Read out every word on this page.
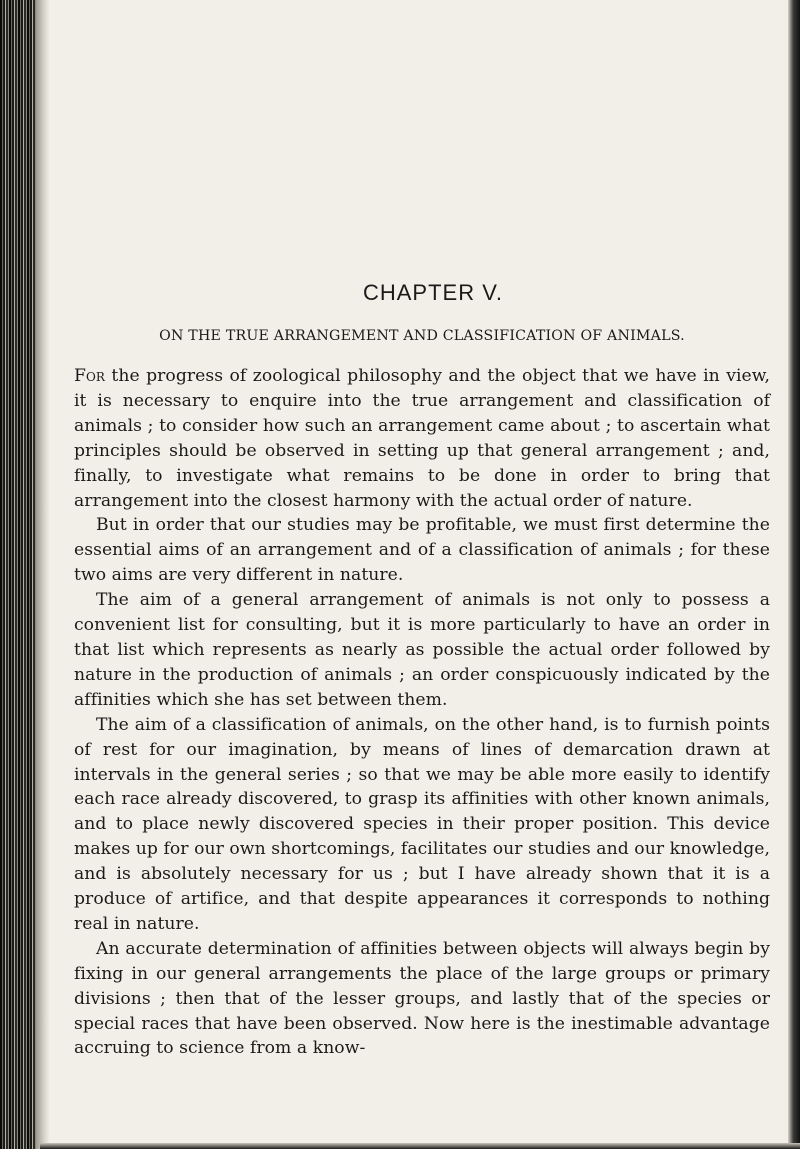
CHAPTER V.
ON THE TRUE ARRANGEMENT AND CLASSIFICATION OF ANIMALS.

For the progress of zoological philosophy and the object that we have in view, it is necessary to enquire into the true arrangement and classification of animals ; to consider how such an arrangement came about ; to ascertain what principles should be observed in setting up that general arrangement ; and, finally, to investigate what remains to be done in order to bring that arrangement into the closest harmony with the actual order of nature.

But in order that our studies may be profitable, we must first determine the essential aims of an arrangement and of a classification of animals ; for these two aims are very different in nature.

The aim of a general arrangement of animals is not only to possess a convenient list for consulting, but it is more particularly to have an order in that list which represents as nearly as possible the actual order followed by nature in the production of animals ; an order conspicuously indicated by the affinities which she has set between them.

The aim of a classification of animals, on the other hand, is to furnish points of rest for our imagination, by means of lines of demarcation drawn at intervals in the general series ; so that we may be able more easily to identify each race already discovered, to grasp its affinities with other known animals, and to place newly discovered species in their proper position. This device makes up for our own shortcomings, facilitates our studies and our knowledge, and is absolutely necessary for us ; but I have already shown that it is a produce of artifice, and that despite appearances it corresponds to nothing real in nature.

An accurate determination of affinities between objects will always begin by fixing in our general arrangements the place of the large groups or primary divisions ; then that of the lesser groups, and lastly that of the species or special races that have been observed. Now here is the inestimable advantage accruing to science from a know-
